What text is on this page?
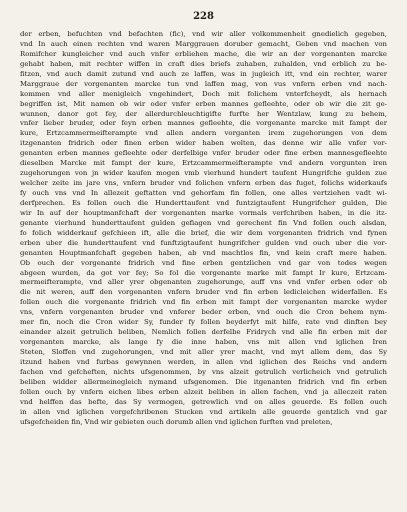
228
der erben, befuchten vnd befachten (fic), vnd wir aller volkommenheit gnedielich gegeben,
vnd In auch einen rechten vnd waren Marggrauen doruber gemacht, Geben vnd machen von
Romifcher kungleicher vnd auch vnfer erbliehen mache, die wir an der vorgenanten marcke
gehabt haben, mit rechter wiffen in craft dies briefs zuhaben, zuhalden, vnd erblich zu be-
fitzen, vnd auch damit zutund vnd auch ze laffen, was in jugleich itt, vnd ein rechter, warer
Marggraue der vorgenanten marcke tun vnd laffen mag, von vus vnfern erben vnd nach-
kommen vnd aller menigleich vngehindert, Doch mit folichem vnterfcheydt, als hernach
begriffen ist, Mit namen ob wir oder vnfer erben mannes gefleehte, oder ob wir die zit ge-
wunnen, danor got fey, der allerdurchleuchtigifte furfte her Wentzlaw, kung zu behem,
vnfer lieber bruder, oder feyn erben mannes gefleehte, die vorgenante marcke mit fampt der
kure, Ertzcammermeifterampte vnd allen andern vorganten irem zugehorungen von dem
itzgenanten fridrich oder finen erben wider haben wolten, das denne wir alle vnfer vor-
genanten erben mannes gefleehte oder derfelbige vnfer bruder oder fine erben mannesgefleehte
dieselben Marcke mit fampt der kure, Ertzcammermeifterampte vnd andern vorgunten iren
zugehorungen von jn wider kaufen mogen vmb vierhund hundert taufent Hungrifche gulden zue
welcher zeite im jare vns, vnfern bruder vnd folichen vnfern erben das fuget, folichs widerkaufs
fy ouch vns vnd In allezeit geftatten vnd gehorfam fin follen, one alles vertziehen vadt wi-
derfprechen. Es follen ouch die Hunderttaufent vnd funtzigtaufent Hungrifcher gulden, Die
wir In auf der houptmanfchaft der vorgenanten marke vormals verfchriben haben, in die itz-
genante vierhund hunderttaufent gulden gefiagen vnd gerechent fin Vnd follen ouch alsdan,
fo folich widderkauf gefchieen ift, alle die brief, die wir dem vorgenanten fridrich vnd fynen
erben uber die hunderttaufent vnd funftzigtaufent hungrifcher gulden vnd ouch uber die vor-
genanten Houptmanfchaft gegeben haben, ab vnd machtlos fin, vnd kein craft mere haben.
Ob ouch der vorgenante fridrich vnd fine erben gentzlichen vnd gar von todes wegen
abgeen wurden, da got vor fey; So fol die vorgenante marke mit fampt Ir kure, Ertzcam-
mermeifterampte, vnd aller yrer obgenanten zugehorunge, auff vns vnd vnfer erben oder ob
die nit weren, auff den vorgenanten vnfern bruder vnd fin erben ledicleichen widerfallen. Es
follen ouch die vorgenante fridrich vnd fin erben mit fampt der vorgenanten marcke wyder
vns, vnfern vorgenanten bruder vnd vnferer beder erben, vnd ouch die Cron behem nym-
mer fin, noch die Cron wider Sy, funder fy follen beyderfyt mit hilfe, rate vnd dinften bey
einander alzeit getrulich beliben, Nemlich follen derfelbe Fridrych vnd alle fin erben mit der
vorgenanten marcke, als lange fy die inne haben, vns mit allen vnd iglichen Iren
Steten, Sloffen vnd zugehorungen, vnd mit aller yrer macht, vnd myt allem dem, das Sy
itzund haben vnd furbas gewynnen werden, in allen vnd iglichen des Reichs vnd andern
fachen vnd gefcheften, nichts ufsgenommen, by vns alzeit getrulich verlicheich vnd getrulich
beliben widder allermeinegleich nymand ufsgenomen. Die itgenanten fridrich vnd fin erben
follen ouch by vnfern eichen libes erben alzeit beliben in allen fachen, vnd ja alleczeit raten
vnd helffen das befte, das Sy vermogen, getrewlich vnd on alles geuerde. Es follen ouch
in allen vnd iglichen vorgefchribenen Stucken vnd artikeln alle geuerde gentzlich vnd gar
ufsgefcheiden fin, Vnd wir gebieten ouch dorumb allen vnd iglichen furften vnd preleten,
